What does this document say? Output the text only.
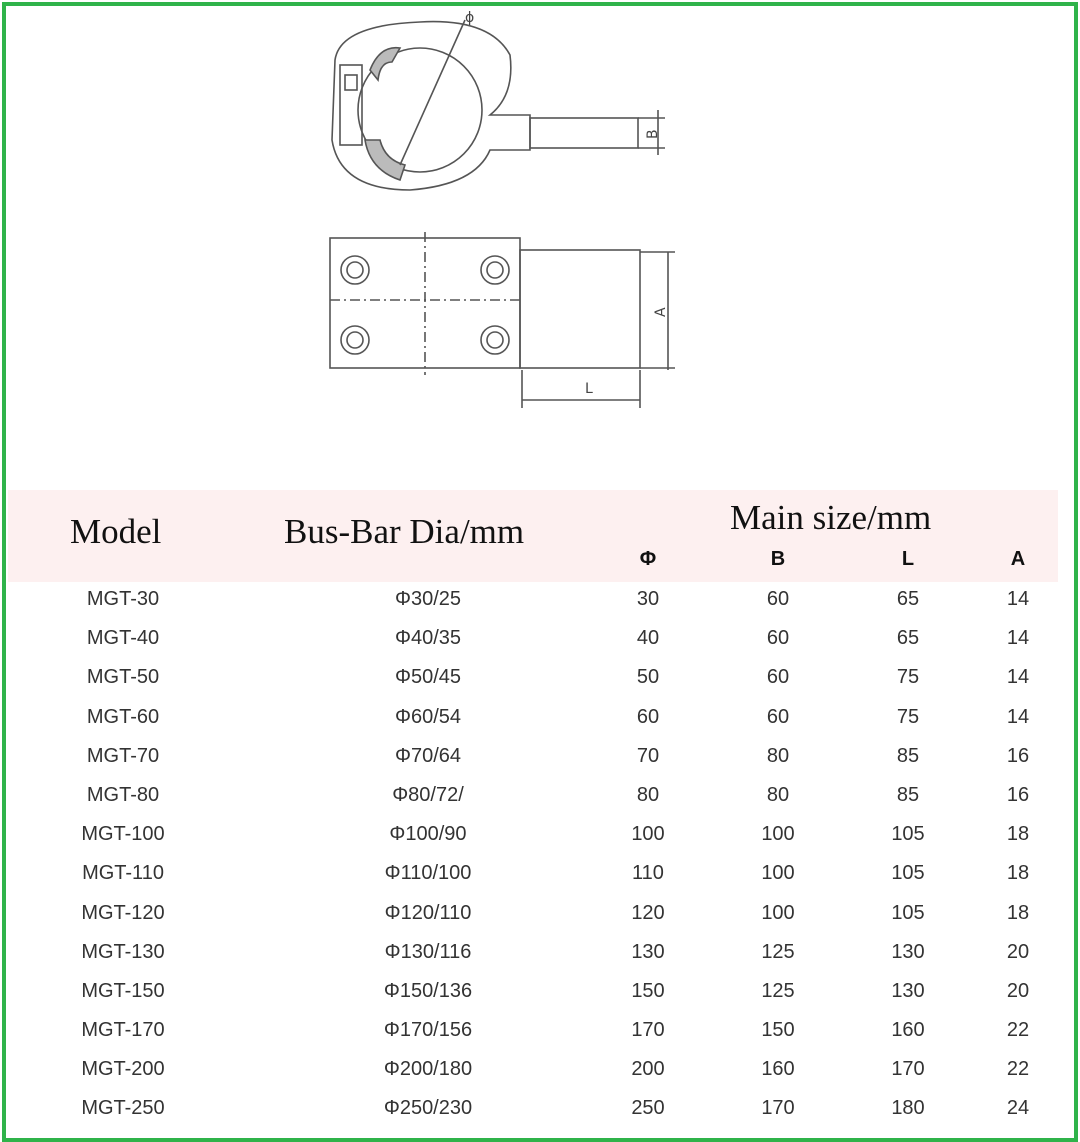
ϕ
B
A
L
Model	Bus-Bar Dia/mm	Main size/mm
Φ	B	L	A
MGT-30	Φ30/25	30	60	65	14
MGT-40	Φ40/35	40	60	65	14
MGT-50	Φ50/45	50	60	75	14
MGT-60	Φ60/54	60	60	75	14
MGT-70	Φ70/64	70	80	85	16
MGT-80	Φ80/72/	80	80	85	16
MGT-100	Φ100/90	100	100	105	18
MGT-110	Φ110/100	110	100	105	18
MGT-120	Φ120/110	120	100	105	18
MGT-130	Φ130/116	130	125	130	20
MGT-150	Φ150/136	150	125	130	20
MGT-170	Φ170/156	170	150	160	22
MGT-200	Φ200/180	200	160	170	22
MGT-250	Φ250/230	250	170	180	24
